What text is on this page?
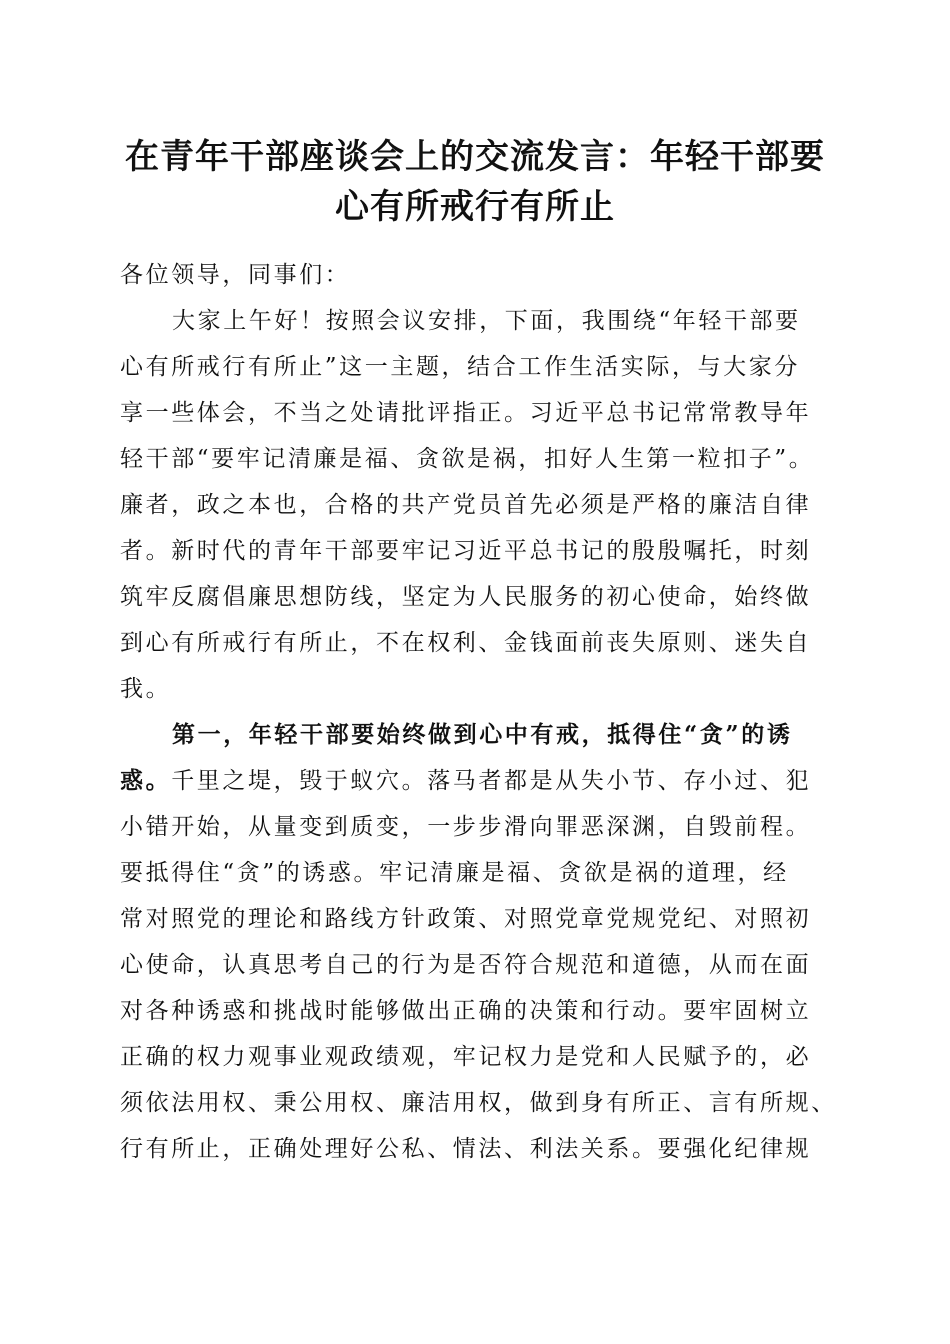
在青年干部座谈会上的交流发言：年轻干部要
心有所戒行有所止
各位领导，同事们：
大家上午好！按照会议安排，下面，我围绕“年轻干部要
心有所戒行有所止”这一主题，结合工作生活实际，与大家分
享一些体会，不当之处请批评指正。习近平总书记常常教导年
轻干部“要牢记清廉是福、贪欲是祸，扣好人生第一粒扣子”。
廉者，政之本也，合格的共产党员首先必须是严格的廉洁自律
者。新时代的青年干部要牢记习近平总书记的殷殷嘱托，时刻
筑牢反腐倡廉思想防线，坚定为人民服务的初心使命，始终做
到心有所戒行有所止，不在权利、金钱面前丧失原则、迷失自
我。
第一，年轻干部要始终做到心中有戒，抵得住“贪”的诱
惑。千里之堤，毁于蚁穴。落马者都是从失小节、存小过、犯
小错开始，从量变到质变，一步步滑向罪恶深渊，自毁前程。
要抵得住“贪”的诱惑。牢记清廉是福、贪欲是祸的道理，经
常对照党的理论和路线方针政策、对照党章党规党纪、对照初
心使命，认真思考自己的行为是否符合规范和道德，从而在面
对各种诱惑和挑战时能够做出正确的决策和行动。要牢固树立
正确的权力观事业观政绩观，牢记权力是党和人民赋予的，必
须依法用权、秉公用权、廉洁用权，做到身有所正、言有所规、
行有所止，正确处理好公私、情法、利法关系。要强化纪律规
